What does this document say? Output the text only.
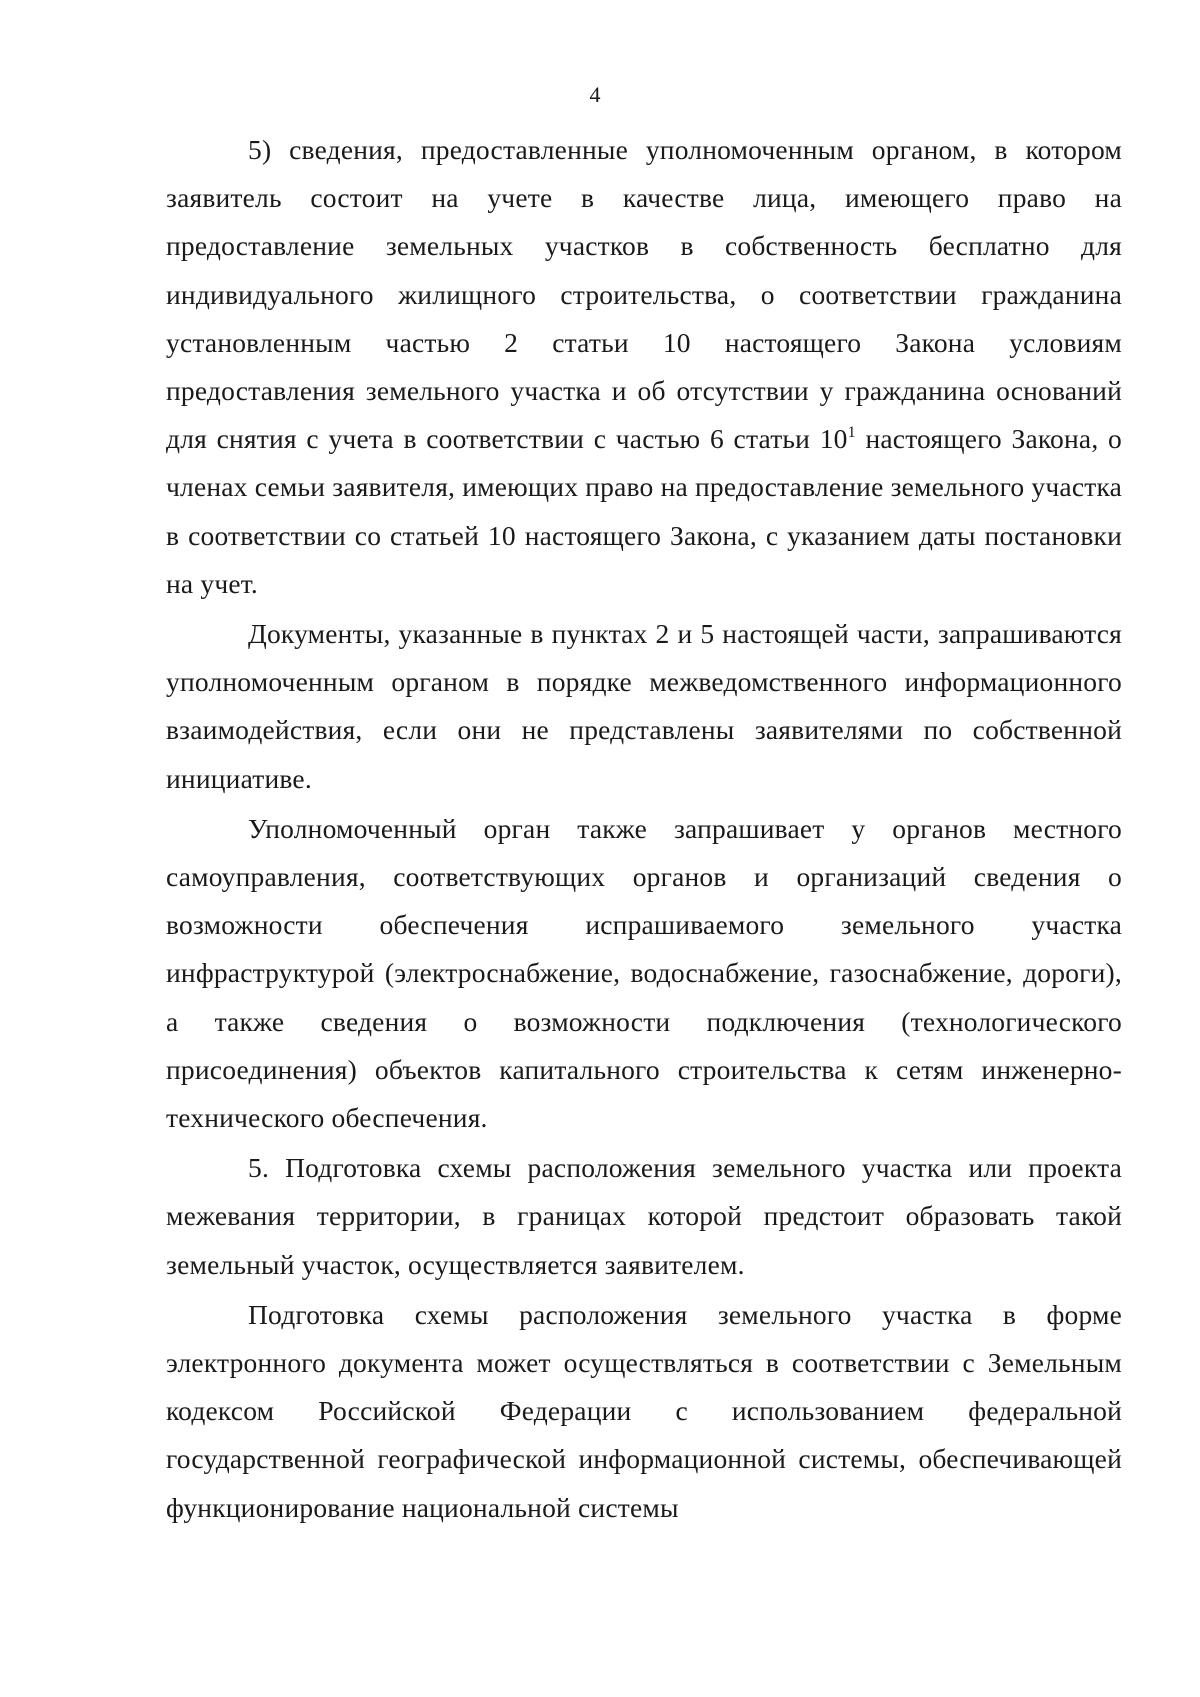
4

5) сведения, предоставленные уполномоченным органом, в котором заявитель состоит на учете в качестве лица, имеющего право на предоставление земельных участков в собственность бесплатно для индивидуального жилищного строительства, о соответствии гражданина установленным частью 2 статьи 10 настоящего Закона условиям предоставления земельного участка и об отсутствии у гражданина оснований для снятия с учета в соответствии с частью 6 статьи $10^1$ настоящего Закона, о членах семьи заявителя, имеющих право на предоставление земельного участка в соответствии со статьей 10 настоящего Закона, с указанием даты постановки на учет.

Документы, указанные в пунктах 2 и 5 настоящей части, запрашиваются уполномоченным органом в порядке межведомственного информационного взаимодействия, если они не представлены заявителями по собственной инициативе.

Уполномоченный орган также запрашивает у органов местного самоуправления, соответствующих органов и организаций сведения о возможности обеспечения испрашиваемого земельного участка инфраструктурой (электроснабжение, водоснабжение, газоснабжение, дороги), а также сведения о возможности подключения (технологического присоединения) объектов капитального строительства к сетям инженерно-технического обеспечения.

5. Подготовка схемы расположения земельного участка или проекта межевания территории, в границах которой предстоит образовать такой земельный участок, осуществляется заявителем.

Подготовка схемы расположения земельного участка в форме электронного документа может осуществляться в соответствии с Земельным кодексом Российской Федерации с использованием федеральной государственной географической информационной системы, обеспечивающей функционирование национальной системы
